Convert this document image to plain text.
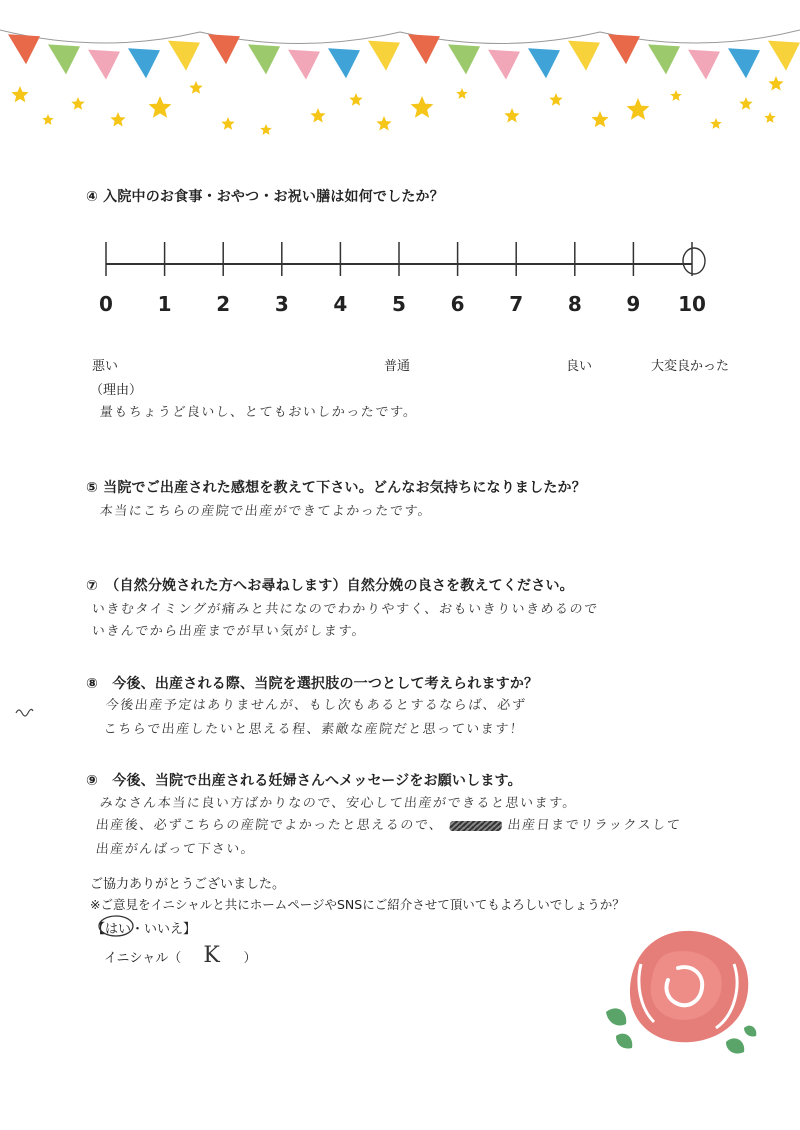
④ 入院中のお食事・おやつ・お祝い膳は如何でしたか？
0	1	2	3	4	5	6	7	8	9	10
悪い	普通	良い	大変良かった
（理由）
量もちょうど良いし、とてもおいしかったです。
⑤ 当院でご出産された感想を教えて下さい。どんなお気持ちになりましたか？
本当にこちらの産院で出産ができてよかったです。
⑦　（自然分娩された方へお尋ねします）自然分娩の良さを教えてください。
いきむタイミングが痛みと共になのでわかりやすく、おもいきりいきめるので
いきんでから出産までが早い気がします。
⑧　今後、出産される際、当院を選択肢の一つとして考えられますか？
今後出産予定はありませんが、もし次もあるとするならば、必ず
こちらで出産したいと思える程、素敵な産院だと思っています！
⑨　今後、当院で出産される妊婦さんへメッセージをお願いします。
みなさん本当に良い方ばかりなので、安心して出産ができると思います。
出産後、必ずこちらの産院でよかったと思えるので、	出産日までリラックスして
出産がんばって下さい。
ご協力ありがとうございました。
※ご意見をイニシャルと共にホームページやSNSにご紹介させて頂いてもよろしいでしょうか？
【はい・いいえ】
イニシャル（ K ）
